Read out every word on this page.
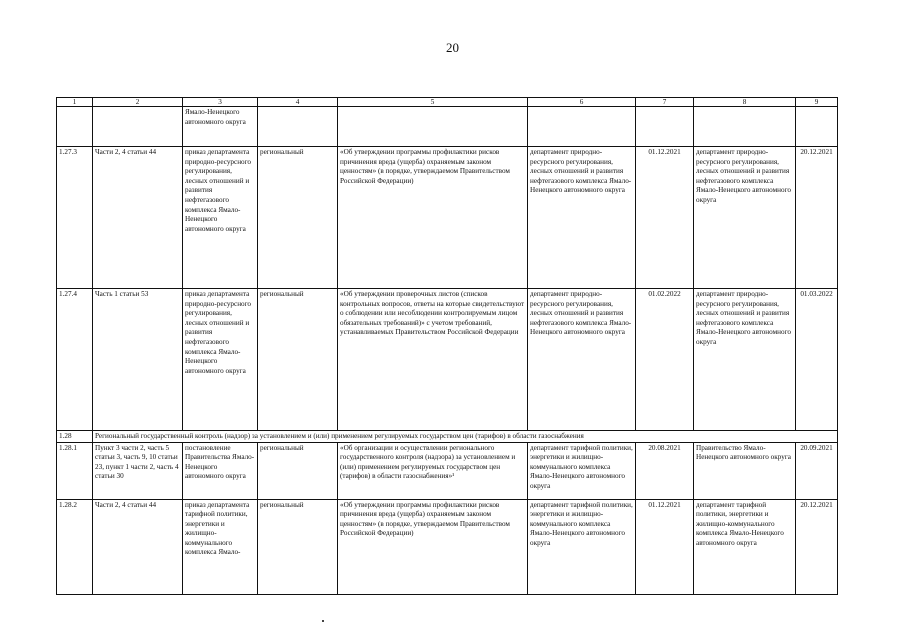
20
1	2	3	4	5	6	7	8	9
		Ямало-Ненецкого автономного округа						
1.27.3	Части 2, 4 статьи 44	приказ департамента природно-ресурсного регулирования, лесных отношений и развития нефтегазового комплекса Ямало-Ненецкого автономного округа	региональный	«Об утверждении программы профилактики рисков причинения вреда (ущерба) охраняемым законом ценностям» (в порядке, утверждаемом Правительством Российской Федерации)	департамент природно-ресурсного регулирования, лесных отношений и развития нефтегазового комплекса Ямало-Ненецкого автономного округа	01.12.2021	департамент природно-ресурсного регулирования, лесных отношений и развития нефтегазового комплекса Ямало-Ненецкого автономного округа	20.12.2021
1.27.4	Часть 1 статьи 53	приказ департамента природно-ресурсного регулирования, лесных отношений и развития нефтегазового комплекса Ямало-Ненецкого автономного округа	региональный	«Об утверждении проверочных листов (списков контрольных вопросов, ответы на которые свидетельствуют о соблюдении или несоблюдении контролируемым лицом обязательных требований)» с учетом требований, устанавливаемых Правительством Российской Федерации	департамент природно-ресурсного регулирования, лесных отношений и развития нефтегазового комплекса Ямало-Ненецкого автономного округа	01.02.2022	департамент природно-ресурсного регулирования, лесных отношений и развития нефтегазового комплекса Ямало-Ненецкого автономного округа	01.03.2022
1.28	Региональный государственный контроль (надзор) за установлением и (или) применением регулируемых государством цен (тарифов) в области газоснабжения							
1.28.1	Пункт 3 части 2, часть 5 статьи 3, часть 9, 10 статьи 23, пункт 1 части 2, часть 4 статьи 30	постановление Правительства Ямало-Ненецкого автономного округа	региональный	«Об организации и осуществлении регионального государственного контроля (надзора) за установлением и (или) применением регулируемых государством цен (тарифов) в области газоснабжения»¹	департамент тарифной политики, энергетики и жилищно-коммунального комплекса Ямало-Ненецкого автономного округа	20.08.2021	Правительство Ямало-Ненецкого автономного округа	20.09.2021
1.28.2	Части 2, 4 статьи 44	приказ департамента тарифной политики, энергетики и жилищно-коммунального комплекса Ямало-	региональный	«Об утверждении программы профилактики рисков причинения вреда (ущерба) охраняемым законом ценностям» (в порядке, утверждаемом Правительством Российской Федерации)	департамент тарифной политики, энергетики и жилищно-коммунального комплекса Ямало-Ненецкого автономного округа	01.12.2021	департамент тарифной политики, энергетики и жилищно-коммунального комплекса Ямало-Ненецкого автономного округа	20.12.2021
